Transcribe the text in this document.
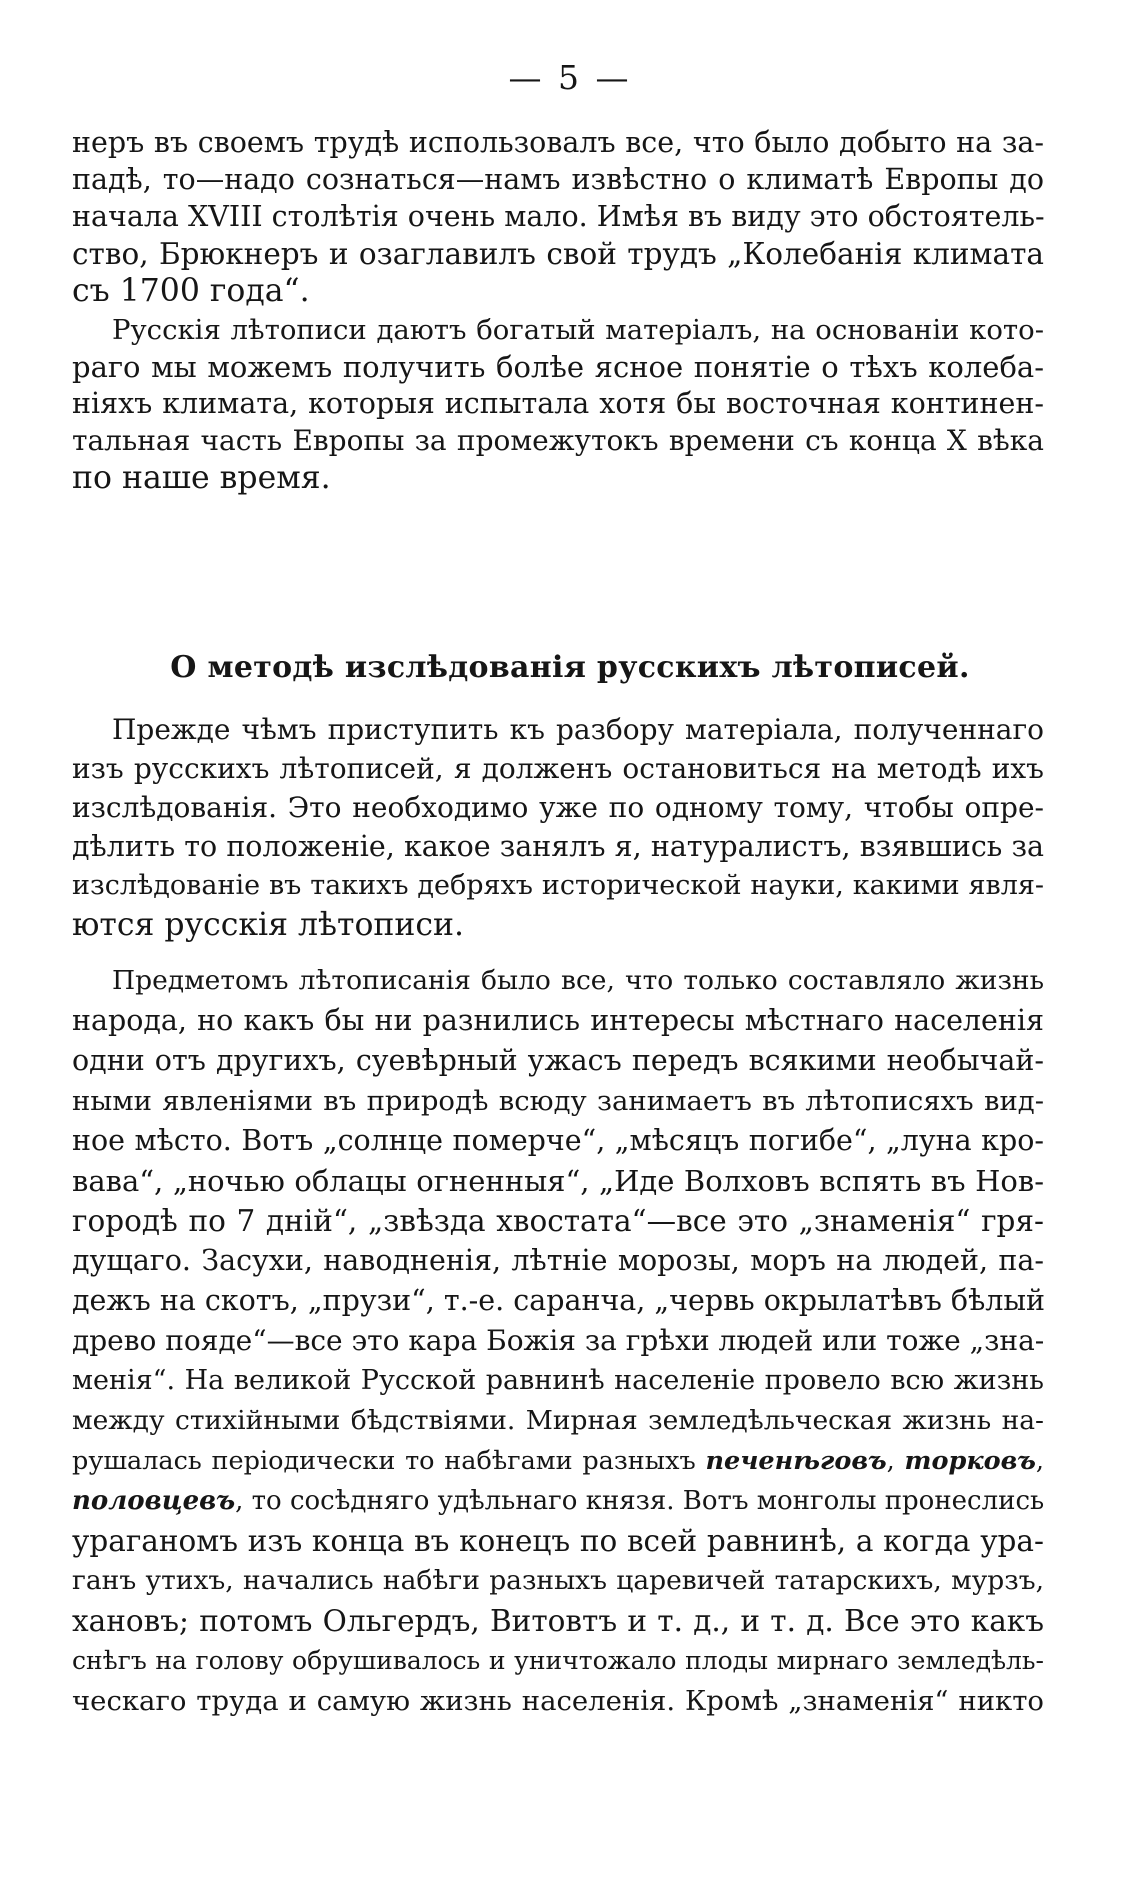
— 5 —

неръ въ своемъ трудѣ использовалъ все, что было добыто на за-

падѣ, то—надо сознаться—намъ извѣстно о климатѣ Европы до

начала XVIII столѣтія очень мало. Имѣя въ виду это обстоятель-

ство, Брюкнеръ и озаглавилъ свой трудъ „Колебанія климата

съ 1700 года“.

Русскія лѣтописи даютъ богатый матеріалъ, на основаніи кото-

раго мы можемъ получить болѣе ясное понятіе о тѣхъ колеба-

ніяхъ климата, которыя испытала хотя бы восточная континен-

тальная часть Европы за промежутокъ времени съ конца X вѣка

по наше время.

О методѣ изслѣдованія русскихъ лѣтописей.

Прежде чѣмъ приступить къ разбору матеріала, полученнаго

изъ русскихъ лѣтописей, я долженъ остановиться на методѣ ихъ

изслѣдованія. Это необходимо уже по одному тому, чтобы опре-

дѣлить то положеніе, какое занялъ я, натуралистъ, взявшись за

изслѣдованіе въ такихъ дебряхъ исторической науки, какими явля-

ются русскія лѣтописи.

Предметомъ лѣтописанія было все, что только составляло жизнь

народа, но какъ бы ни разнились интересы мѣстнаго населенія

одни отъ другихъ, суевѣрный ужасъ передъ всякими необычай-

ными явленіями въ природѣ всюду занимаетъ въ лѣтописяхъ вид-

ное мѣсто. Вотъ „солнце померче“, „мѣсяцъ погибе“, „луна кро-

вава“, „ночью облацы огненныя“, „Иде Волховъ вспять въ Нов-

городѣ по 7 дній“, „звѣзда хвостата“—все это „знаменія“ гря-

дущаго. Засухи, наводненія, лѣтніе морозы, моръ на людей, па-

дежъ на скотъ, „прузи“, т.-е. саранча, „червь окрылатѣвъ бѣлый

древо пояде“—все это кара Божія за грѣхи людей или тоже „зна-

менія“. На великой Русской равнинѣ населеніе провело всю жизнь

между стихійными бѣдствіями. Мирная земледѣльческая жизнь на-

рушалась періодически то набѣгами разныхъ печенѣговъ, торковъ,

половцевъ, то сосѣдняго удѣльнаго князя. Вотъ монголы пронеслись

ураганомъ изъ конца въ конецъ по всей равнинѣ, а когда ура-

ганъ утихъ, начались набѣги разныхъ царевичей татарскихъ, мурзъ,

хановъ; потомъ Ольгердъ, Витовтъ и т. д., и т. д. Все это какъ

снѣгъ на голову обрушивалось и уничтожало плоды мирнаго земледѣль-

ческаго труда и самую жизнь населенія. Кромѣ „знаменія“ никто
